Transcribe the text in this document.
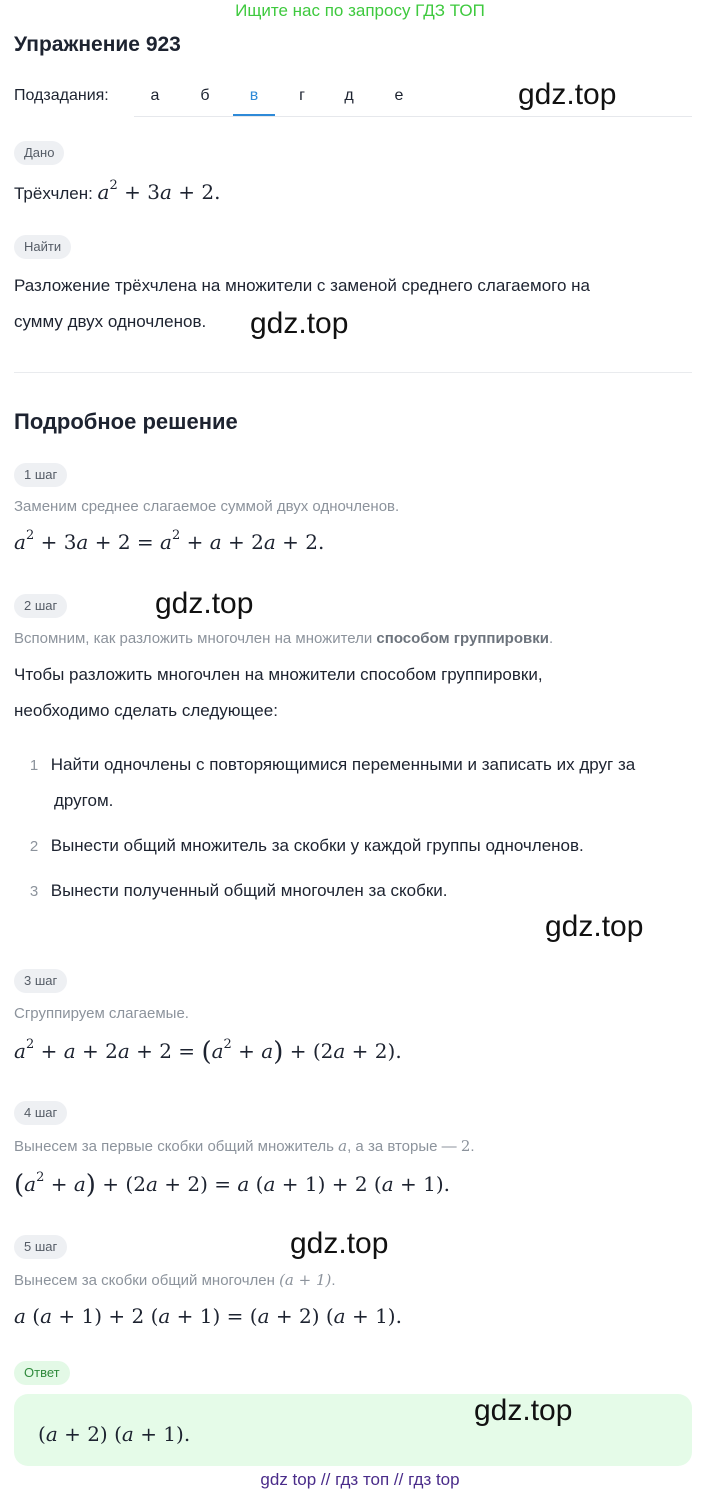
Ищите нас по запросу ГДЗ ТОП
Упражнение 923
Подзадания:	а	б	в	г	д	е	gdz.top
Дано
Трёхчлен: $a^2 + 3a + 2$.
Найти
Разложение трёхчлена на множители с заменой среднего слагаемого на
сумму двух одночленов. gdz.top
Подробное решение
1 шаг
Заменим среднее слагаемое суммой двух одночленов.
$a^2 + 3a + 2 = a^2 + a + 2a + 2$.
2 шаг	gdz.top
Вспомним, как разложить многочлен на множители способом группировки.
Чтобы разложить многочлен на множители способом группировки,
необходимо сделать следующее:
1 Найти одночлены с повторяющимися переменными и записать их друг за
другом.
2 Вынести общий множитель за скобки у каждой группы одночленов.
3 Вынести полученный общий многочлен за скобки.
gdz.top
3 шаг
Сгруппируем слагаемые.
$a^2 + a + 2a + 2 = (a^2 + a) + (2a + 2)$.
4 шаг
Вынесем за первые скобки общий множитель a, а за вторые — 2.
$(a^2 + a) + (2a + 2) = a$ (a + 1) + 2 (a + 1).
5 шаг	gdz.top
Вынесем за скобки общий многочлен (a + 1).
a (a + 1) + 2 (a + 1) = (a + 2) (a + 1).
Ответ
(a + 2) (a + 1).
gdz.top
gdz top // гдз топ // гдз top
